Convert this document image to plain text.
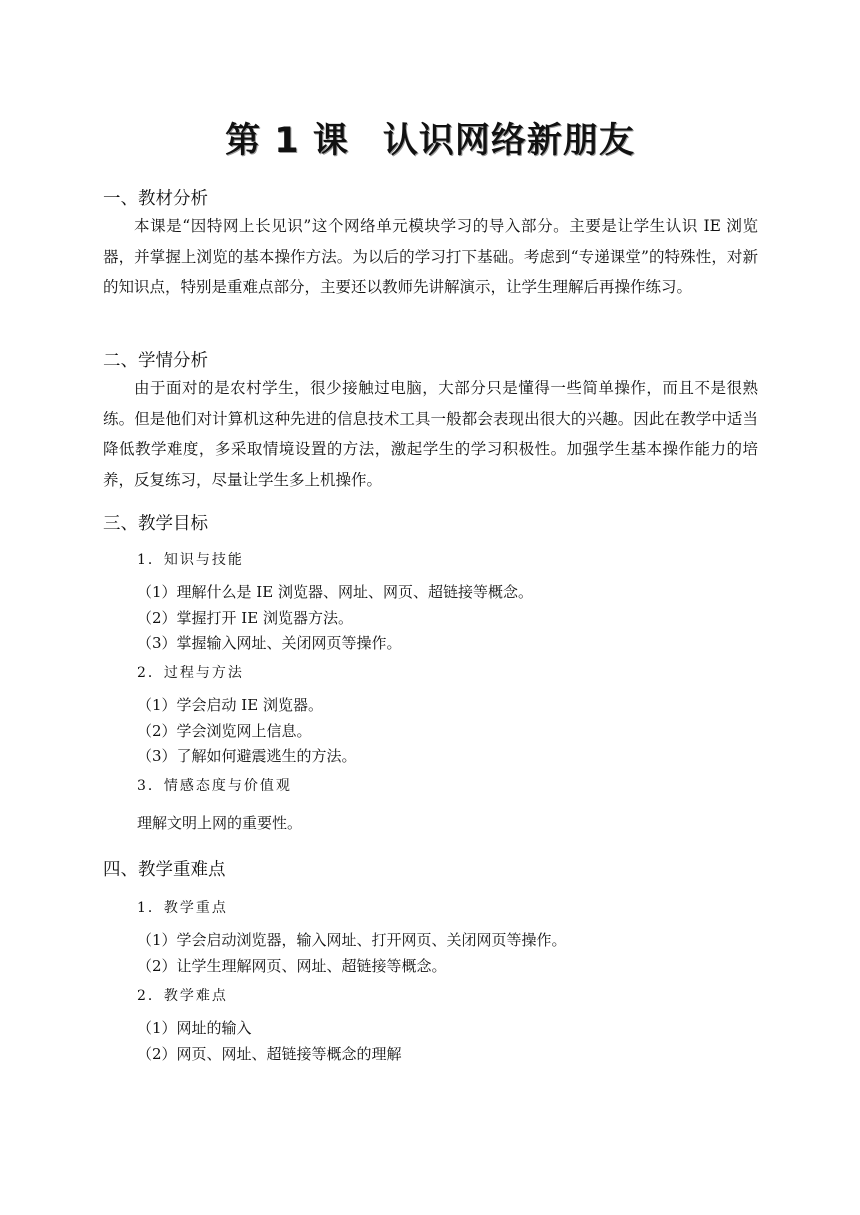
第 1 课 认识网络新朋友
一、教材分析

本课是“因特网上长见识”这个网络单元模块学习的导入部分。主要是让学生认识 IE 浏览器，并掌握上浏览的基本操作方法。为以后的学习打下基础。考虑到“专递课堂”的特殊性，对新的知识点，特别是重难点部分，主要还以教师先讲解演示，让学生理解后再操作练习。

二、学情分析

由于面对的是农村学生，很少接触过电脑，大部分只是懂得一些简单操作，而且不是很熟练。但是他们对计算机这种先进的信息技术工具一般都会表现出很大的兴趣。因此在教学中适当降低教学难度，多采取情境设置的方法，激起学生的学习积极性。加强学生基本操作能力的培养，反复练习，尽量让学生多上机操作。

三、教学目标
1．知识与技能
（1）理解什么是 IE 浏览器、网址、网页、超链接等概念。
（2）掌握打开 IE 浏览器方法。
（3）掌握输入网址、关闭网页等操作。
2．过程与方法
（1）学会启动 IE 浏览器。
（2）学会浏览网上信息。
（3）了解如何避震逃生的方法。
3．情感态度与价值观
理解文明上网的重要性。
四、教学重难点
1．教学重点
（1）学会启动浏览器，输入网址、打开网页、关闭网页等操作。
（2）让学生理解网页、网址、超链接等概念。
2．教学难点
（1）网址的输入
（2）网页、网址、超链接等概念的理解
